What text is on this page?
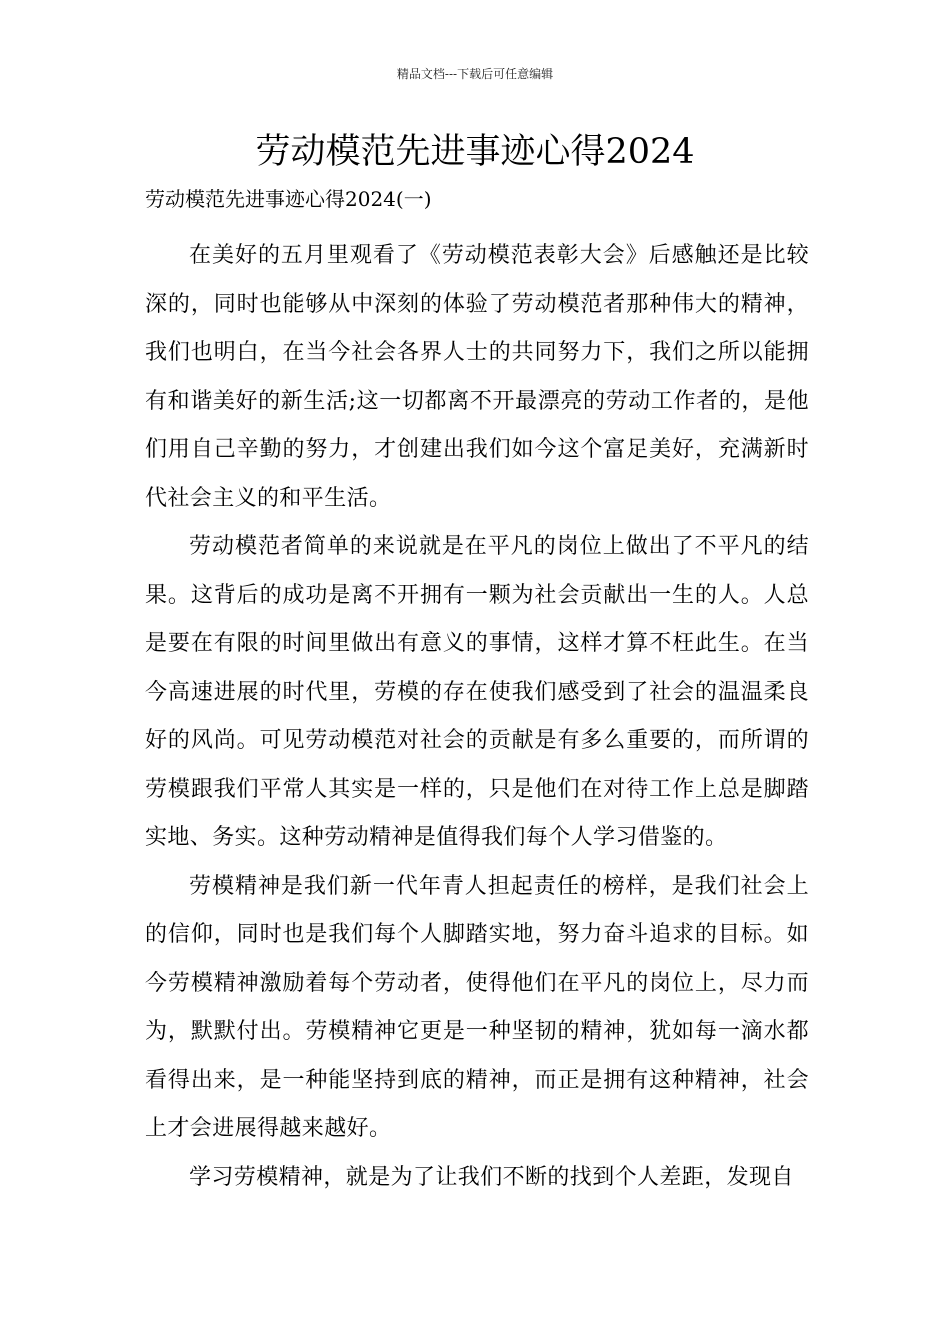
精品文档---下载后可任意编辑
劳动模范先进事迹心得2024

劳动模范先进事迹心得2024(一)

在美好的五月里观看了《劳动模范表彰大会》后感触还是比较深的，同时也能够从中深刻的体验了劳动模范者那种伟大的精神，我们也明白，在当今社会各界人士的共同努力下，我们之所以能拥有和谐美好的新生活;这一切都离不开最漂亮的劳动工作者的，是他们用自己辛勤的努力，才创建出我们如今这个富足美好，充满新时代社会主义的和平生活。

劳动模范者简单的来说就是在平凡的岗位上做出了不平凡的结果。这背后的成功是离不开拥有一颗为社会贡献出一生的人。人总是要在有限的时间里做出有意义的事情，这样才算不枉此生。在当今高速进展的时代里，劳模的存在使我们感受到了社会的温温柔良好的风尚。可见劳动模范对社会的贡献是有多么重要的，而所谓的劳模跟我们平常人其实是一样的，只是他们在对待工作上总是脚踏实地、务实。这种劳动精神是值得我们每个人学习借鉴的。

劳模精神是我们新一代年青人担起责任的榜样，是我们社会上的信仰，同时也是我们每个人脚踏实地，努力奋斗追求的目标。如今劳模精神激励着每个劳动者，使得他们在平凡的岗位上，尽力而为，默默付出。劳模精神它更是一种坚韧的精神，犹如每一滴水都看得出来，是一种能坚持到底的精神，而正是拥有这种精神，社会上才会进展得越来越好。

学习劳模精神，就是为了让我们不断的找到个人差距，发现自
